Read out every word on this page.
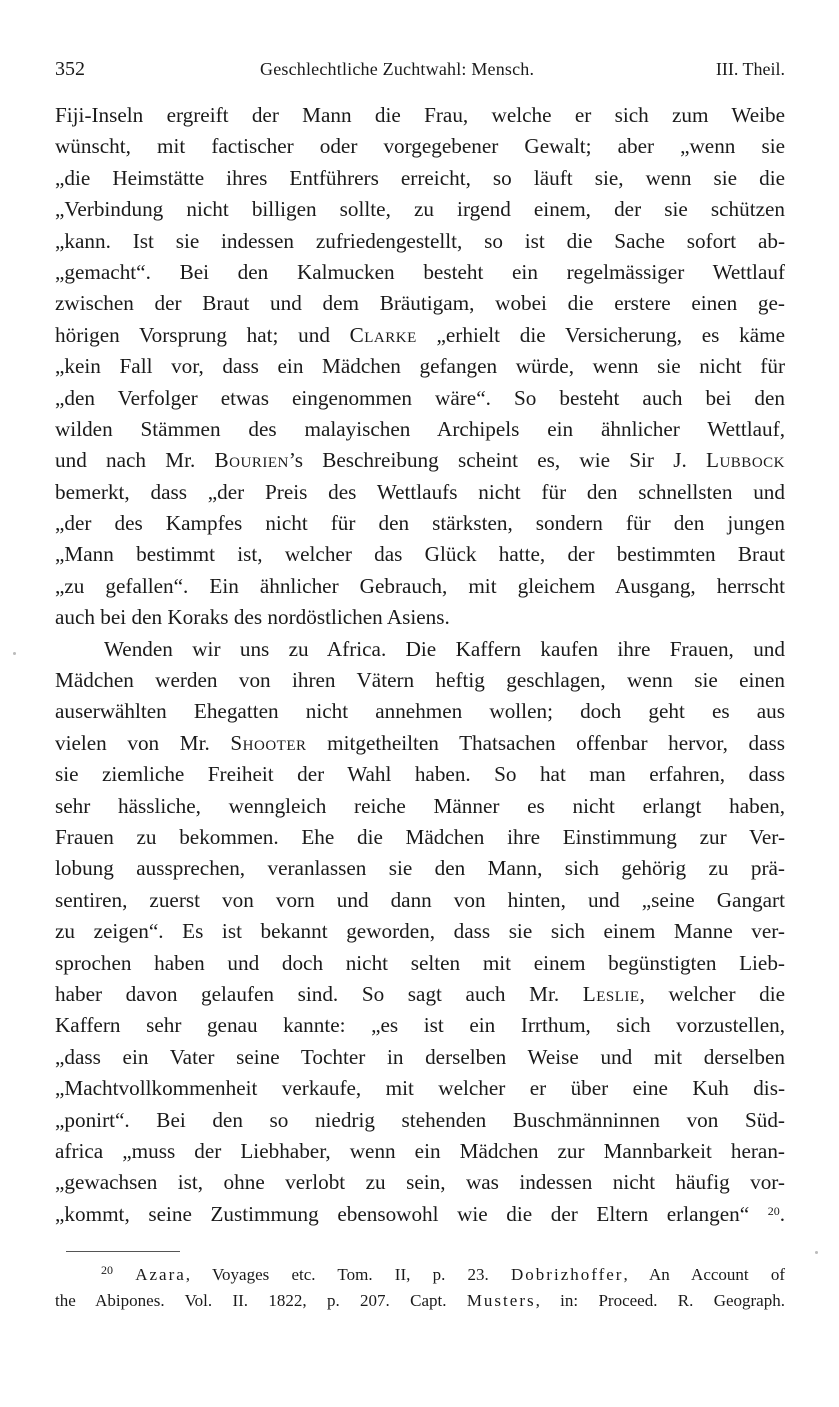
352	Geschlechtliche Zuchtwahl: Mensch.	III. Theil.
Fiji-Inseln ergreift der Mann die Frau, welche er sich zum Weibe
wünscht, mit factischer oder vorgegebener Gewalt; aber „wenn sie
„die Heimstätte ihres Entführers erreicht, so läuft sie, wenn sie die
„Verbindung nicht billigen sollte, zu irgend einem, der sie schützen
„kann. Ist sie indessen zufriedengestellt, so ist die Sache sofort ab-
„gemacht“. Bei den Kalmucken besteht ein regelmässiger Wettlauf
zwischen der Braut und dem Bräutigam, wobei die erstere einen ge-
hörigen Vorsprung hat; und Clarke „erhielt die Versicherung, es käme
„kein Fall vor, dass ein Mädchen gefangen würde, wenn sie nicht für
„den Verfolger etwas eingenommen wäre“. So besteht auch bei den
wilden Stämmen des malayischen Archipels ein ähnlicher Wettlauf,
und nach Mr. Bourien’s Beschreibung scheint es, wie Sir J. Lubbock
bemerkt, dass „der Preis des Wettlaufs nicht für den schnellsten und
„der des Kampfes nicht für den stärksten, sondern für den jungen
„Mann bestimmt ist, welcher das Glück hatte, der bestimmten Braut
„zu gefallen“. Ein ähnlicher Gebrauch, mit gleichem Ausgang, herrscht
auch bei den Koraks des nordöstlichen Asiens.
Wenden wir uns zu Africa. Die Kaffern kaufen ihre Frauen, und
Mädchen werden von ihren Vätern heftig geschlagen, wenn sie einen
auserwählten Ehegatten nicht annehmen wollen; doch geht es aus
vielen von Mr. Shooter mitgetheilten Thatsachen offenbar hervor, dass
sie ziemliche Freiheit der Wahl haben. So hat man erfahren, dass
sehr hässliche, wenngleich reiche Männer es nicht erlangt haben,
Frauen zu bekommen. Ehe die Mädchen ihre Einstimmung zur Ver-
lobung aussprechen, veranlassen sie den Mann, sich gehörig zu prä-
sentiren, zuerst von vorn und dann von hinten, und „seine Gangart
zu zeigen“. Es ist bekannt geworden, dass sie sich einem Manne ver-
sprochen haben und doch nicht selten mit einem begünstigten Lieb-
haber davon gelaufen sind. So sagt auch Mr. Leslie, welcher die
Kaffern sehr genau kannte: „es ist ein Irrthum, sich vorzustellen,
„dass ein Vater seine Tochter in derselben Weise und mit derselben
„Machtvollkommenheit verkaufe, mit welcher er über eine Kuh dis-
„ponirt“. Bei den so niedrig stehenden Buschmänninnen von Süd-
africa „muss der Liebhaber, wenn ein Mädchen zur Mannbarkeit heran-
„gewachsen ist, ohne verlobt zu sein, was indessen nicht häufig vor-
„kommt, seine Zustimmung ebensowohl wie die der Eltern erlangen“ $^{20}$.
$^{20}$ Azara, Voyages etc. Tom. II, p. 23. Dobrizhoffer, An Account of
the Abipones. Vol. II. 1822, p. 207. Capt. Musters, in: Proceed. R. Geograph.
